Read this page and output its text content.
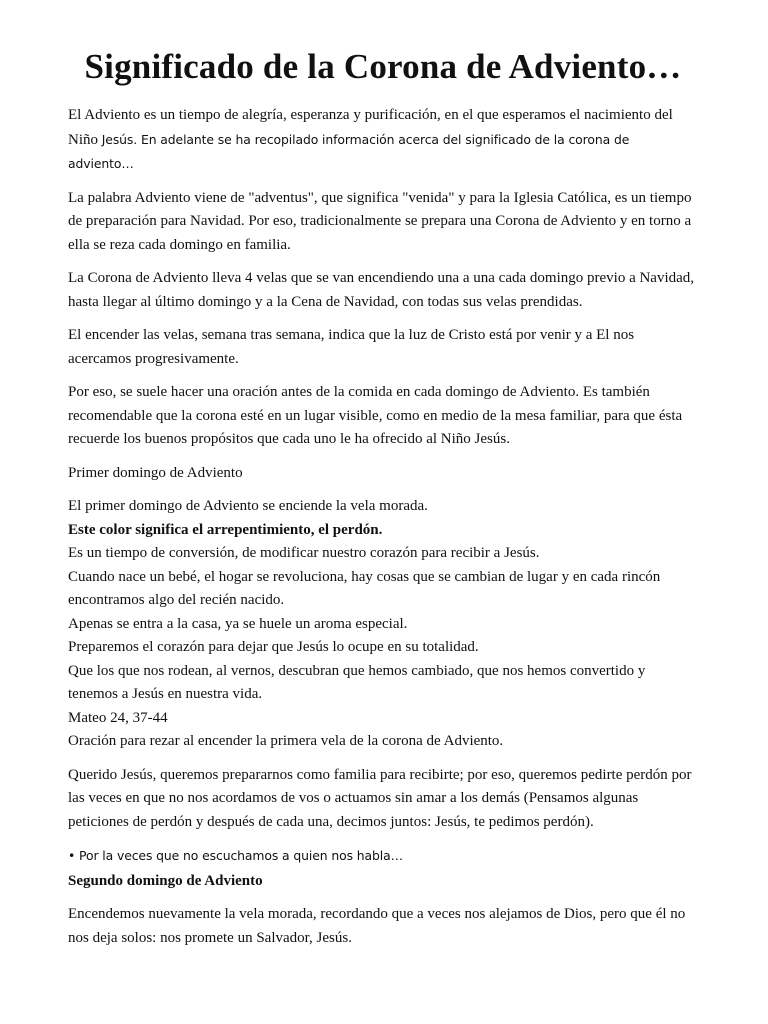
Significado de la Corona de Adviento…

El Adviento es un tiempo de alegría, esperanza y purificación, en el que esperamos el nacimiento del Niño Jesús. En adelante se ha recopilado información acerca del significado de la corona de adviento…

La palabra Adviento viene de "adventus", que significa "venida" y para la Iglesia Católica, es un tiempo de preparación para Navidad. Por eso, tradicionalmente se prepara una Corona de Adviento y en torno a ella se reza cada domingo en familia.

La Corona de Adviento lleva 4 velas que se van encendiendo una a una cada domingo previo a Navidad, hasta llegar al último domingo y a la Cena de Navidad, con todas sus velas prendidas.

El encender las velas, semana tras semana, indica que la luz de Cristo está por venir y a El nos acercamos progresivamente.

Por eso, se suele hacer una oración antes de la comida en cada domingo de Adviento. Es también recomendable que la corona esté en un lugar visible, como en medio de la mesa familiar, para que ésta recuerde los buenos propósitos que cada uno le ha ofrecido al Niño Jesús.

Primer domingo de Adviento

El primer domingo de Adviento se enciende la vela morada.
Este color significa el arrepentimiento, el perdón.
Es un tiempo de conversión, de modificar nuestro corazón para recibir a Jesús.
Cuando nace un bebé, el hogar se revoluciona, hay cosas que se cambian de lugar y en cada rincón encontramos algo del recién nacido.
Apenas se entra a la casa, ya se huele un aroma especial.
Preparemos el corazón para dejar que Jesús lo ocupe en su totalidad.
Que los que nos rodean, al vernos, descubran que hemos cambiado, que nos hemos convertido y tenemos a Jesús en nuestra vida.
Mateo 24, 37-44
Oración para rezar al encender la primera vela de la corona de Adviento.

Querido Jesús, queremos prepararnos como familia para recibirte; por eso, queremos pedirte perdón por las veces en que no nos acordamos de vos o actuamos sin amar a los demás (Pensamos algunas peticiones de perdón y después de cada una, decimos juntos: Jesús, te pedimos perdón).

• Por la veces que no escuchamos a quien nos habla…

Segundo domingo de Adviento

Encendemos nuevamente la vela morada, recordando que a veces nos alejamos de Dios, pero que él no nos deja solos: nos promete un Salvador, Jesús.
